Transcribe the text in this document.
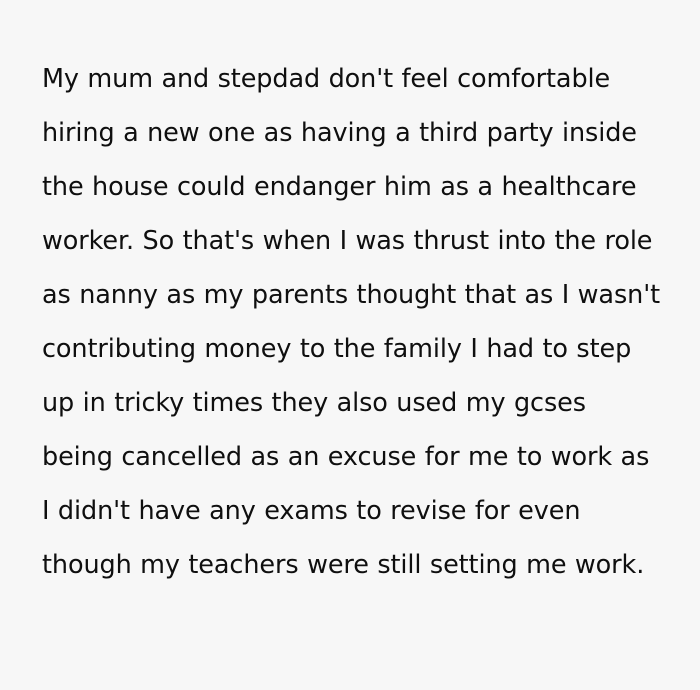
My mum and stepdad don't feel comfortable hiring a new one as having a third party inside the house could endanger him as a healthcare worker. So that's when I was thrust into the role as nanny as my parents thought that as I wasn't contributing money to the family I had to step up in tricky times they also used my gcses being cancelled as an excuse for me to work as I didn't have any exams to revise for even though my teachers were still setting me work.
